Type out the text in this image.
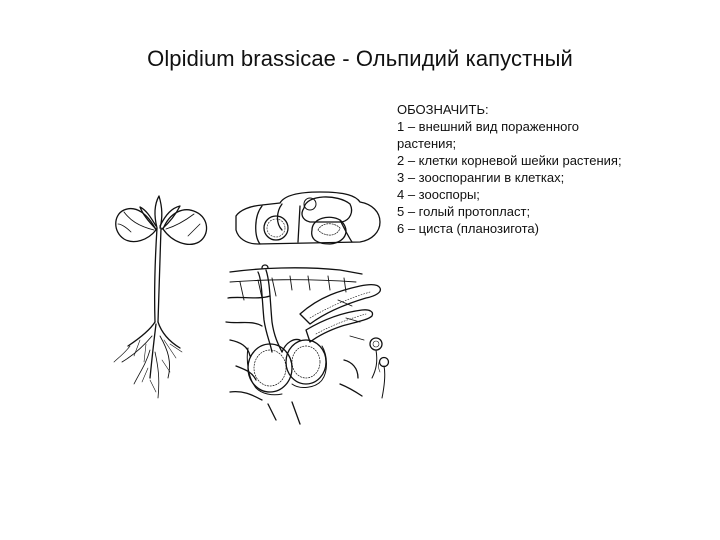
Olpidium brassicae - Ольпидий капустный
ОБОЗНАЧИТЬ:
1 – внешний вид пораженного
растения;
2 – клетки корневой шейки растения;
3 – зооспорангии в клетках;
4 – зооспоры;
5 – голый протопласт;
6 – циста (планозигота)
